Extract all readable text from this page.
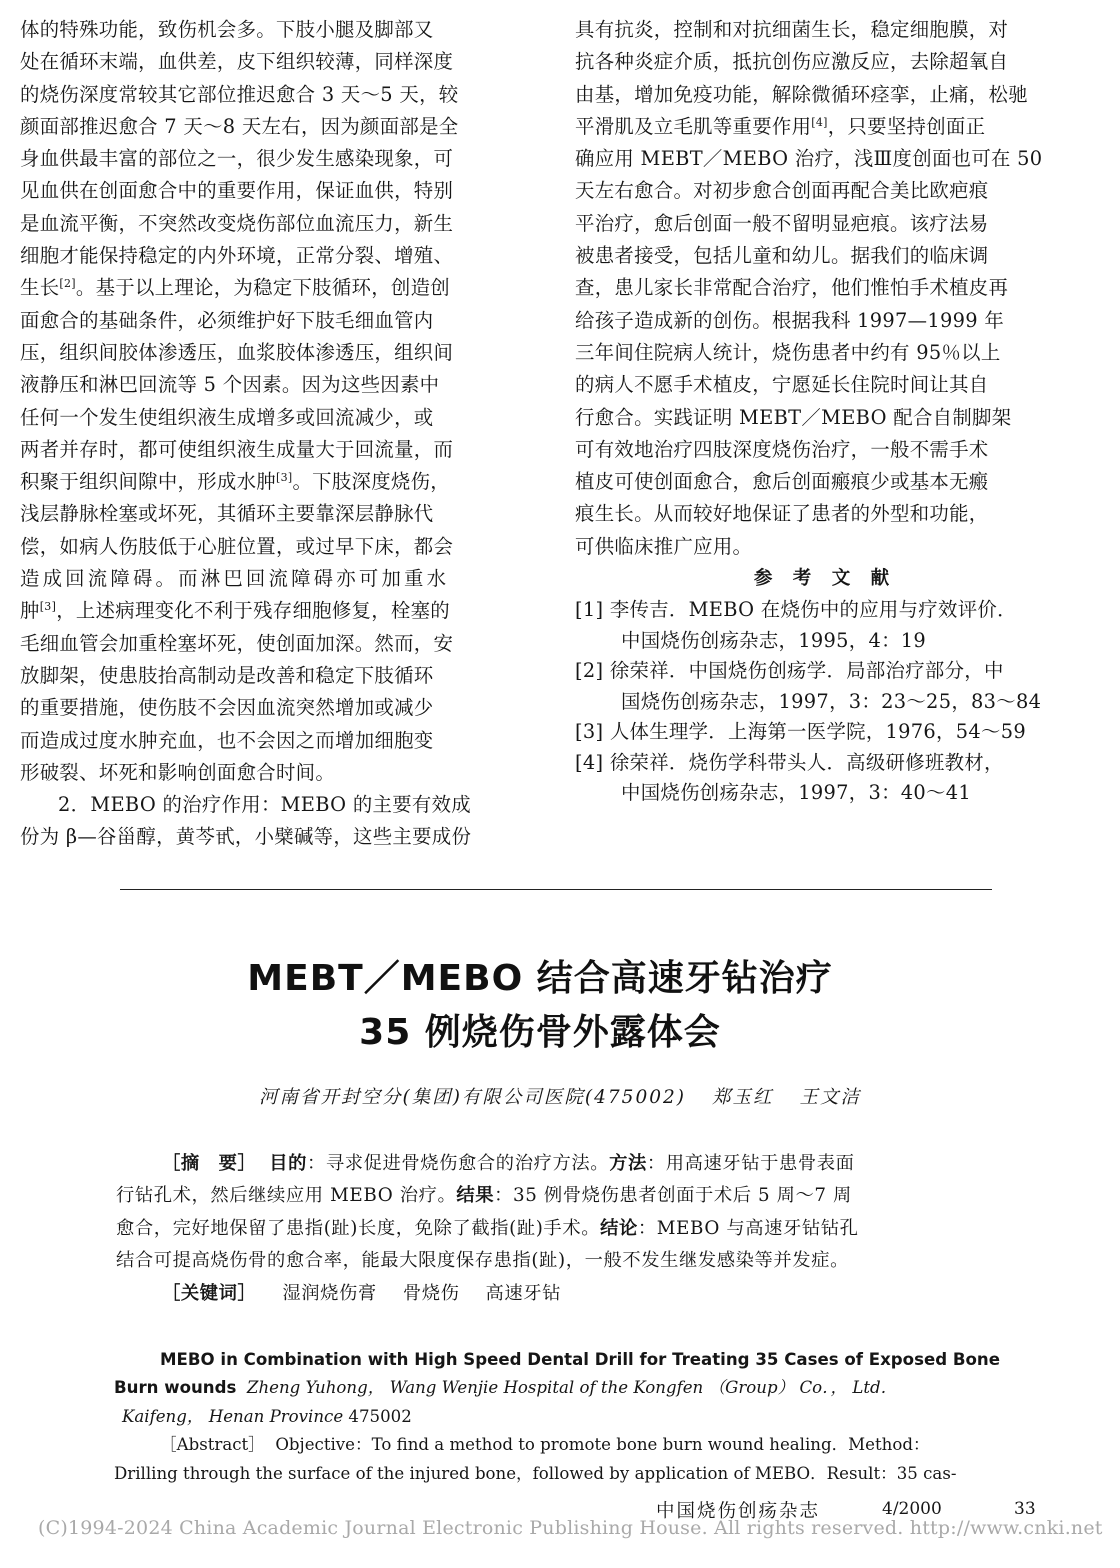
体的特殊功能，致伤机会多。下肢小腿及脚部又
处在循环末端，血供差，皮下组织较薄，同样深度
的烧伤深度常较其它部位推迟愈合 3 天～5 天，较
颜面部推迟愈合 7 天～8 天左右，因为颜面部是全
身血供最丰富的部位之一，很少发生感染现象，可
见血供在创面愈合中的重要作用，保证血供，特别
是血流平衡，不突然改变烧伤部位血流压力，新生
细胞才能保持稳定的内外环境，正常分裂、增殖、
生长[2]。基于以上理论，为稳定下肢循环，创造创
面愈合的基础条件，必须维护好下肢毛细血管内
压，组织间胶体渗透压，血浆胶体渗透压，组织间
液静压和淋巴回流等 5 个因素。因为这些因素中
任何一个发生使组织液生成增多或回流减少，或
两者并存时，都可使组织液生成量大于回流量，而
积聚于组织间隙中，形成水肿[3]。下肢深度烧伤，
浅层静脉栓塞或坏死，其循环主要靠深层静脉代
偿，如病人伤肢低于心脏位置，或过早下床，都会
造成回流障碍。而淋巴回流障碍亦可加重水
肿[3]，上述病理变化不利于残存细胞修复，栓塞的
毛细血管会加重栓塞坏死，使创面加深。然而，安
放脚架，使患肢抬高制动是改善和稳定下肢循环
的重要措施，使伤肢不会因血流突然增加或减少
而造成过度水肿充血，也不会因之而增加细胞变
形破裂、坏死和影响创面愈合时间。
2．MEBO 的治疗作用：MEBO 的主要有效成
份为 β—谷甾醇，黄芩甙，小檗碱等，这些主要成份
具有抗炎，控制和对抗细菌生长，稳定细胞膜，对
抗各种炎症介质，抵抗创伤应激反应，去除超氧自
由基，增加免疫功能，解除微循环痉挛，止痛，松驰
平滑肌及立毛肌等重要作用[4]，只要坚持创面正
确应用 MEBT／MEBO 治疗，浅Ⅲ度创面也可在 50
天左右愈合。对初步愈合创面再配合美比欧疤痕
平治疗，愈后创面一般不留明显疤痕。该疗法易
被患者接受，包括儿童和幼儿。据我们的临床调
查，患儿家长非常配合治疗，他们惟怕手术植皮再
给孩子造成新的创伤。根据我科 1997—1999 年
三年间住院病人统计，烧伤患者中约有 95％以上
的病人不愿手术植皮，宁愿延长住院时间让其自
行愈合。实践证明 MEBT／MEBO 配合自制脚架
可有效地治疗四肢深度烧伤治疗，一般不需手术
植皮可使创面愈合，愈后创面瘢痕少或基本无瘢
痕生长。从而较好地保证了患者的外型和功能，
可供临床推广应用。
参 考 文 献
[1] 李传吉．MEBO 在烧伤中的应用与疗效评价．
中国烧伤创疡杂志，1995，4：19
[2] 徐荣祥．中国烧伤创疡学．局部治疗部分，中
国烧伤创疡杂志，1997，3：23～25，83～84
[3] 人体生理学．上海第一医学院，1976，54～59
[4] 徐荣祥．烧伤学科带头人．高级研修班教材，
中国烧伤创疡杂志，1997，3：40～41
MEBT／MEBO 结合高速牙钻治疗
35 例烧伤骨外露体会
河南省开封空分(集团)有限公司医院(475002) 郑玉红 王文洁
［摘　要］ 目的：寻求促进骨烧伤愈合的治疗方法。方法：用高速牙钻于患骨表面
行钻孔术，然后继续应用 MEBO 治疗。结果：35 例骨烧伤患者创面于术后 5 周～7 周
愈合，完好地保留了患指(趾)长度，免除了截指(趾)手术。结论：MEBO 与高速牙钻钻孔
结合可提高烧伤骨的愈合率，能最大限度保存患指(趾)，一般不发生继发感染等并发症。
［关键词］ 湿润烧伤膏 骨烧伤 高速牙钻
MEBO in Combination with High Speed Dental Drill for Treating 35 Cases of Exposed Bone
Burn wounds Zheng Yuhong， Wang Wenjie Hospital of the Kongfen （Group） Co．， Ltd．
Kaifeng， Henan Province 475002
［Abstract］ Objective：To find a method to promote bone burn wound healing．Method：
Drilling through the surface of the injured bone，followed by application of MEBO．Result：35 cas-
中国烧伤创疡杂志	4/2000	33
(C)1994-2024 China Academic Journal Electronic Publishing House. All rights reserved. http://www.cnki.net
